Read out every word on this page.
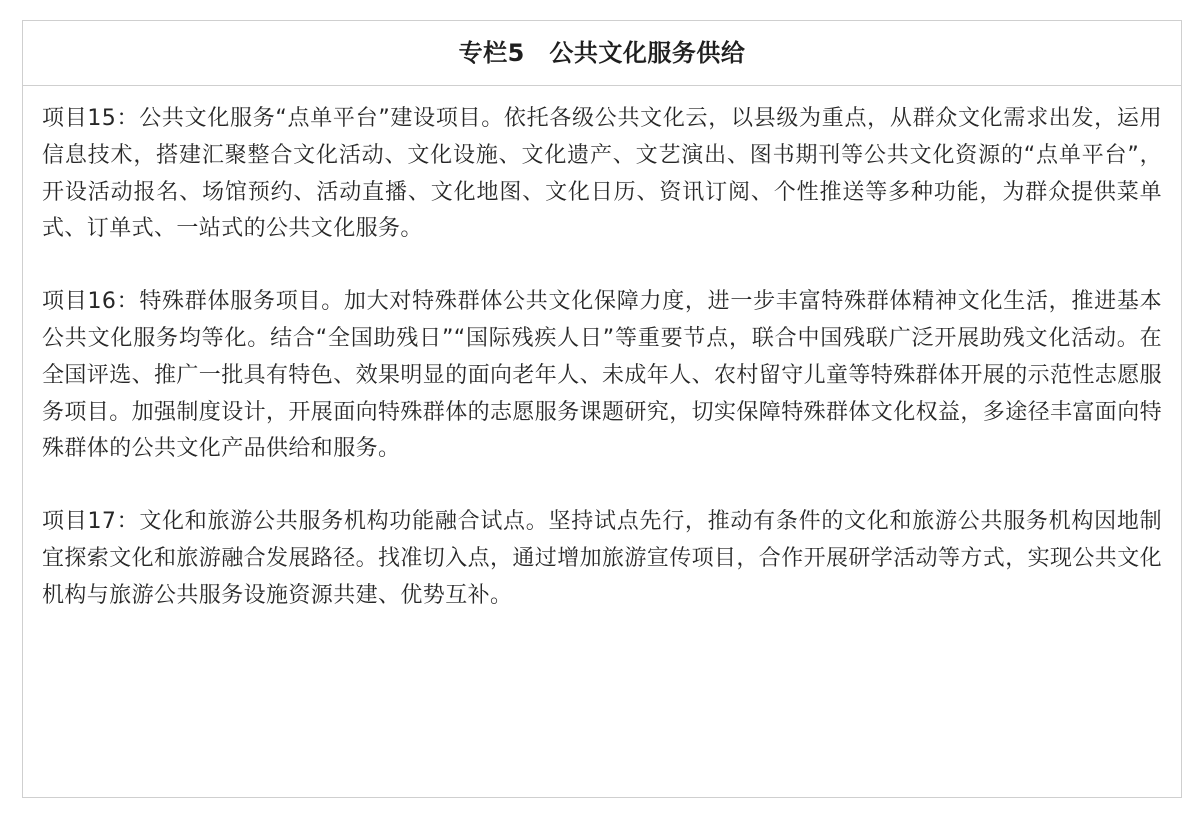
专栏5　公共文化服务供给

项目15：公共文化服务“点单平台”建设项目。依托各级公共文化云，以县级为重点，从群众文化需求出发，运用信息技术，搭建汇聚整合文化活动、文化设施、文化遗产、文艺演出、图书期刊等公共文化资源的“点单平台”，开设活动报名、场馆预约、活动直播、文化地图、文化日历、资讯订阅、个性推送等多种功能，为群众提供菜单式、订单式、一站式的公共文化服务。

项目16：特殊群体服务项目。加大对特殊群体公共文化保障力度，进一步丰富特殊群体精神文化生活，推进基本公共文化服务均等化。结合“全国助残日”“国际残疾人日”等重要节点，联合中国残联广泛开展助残文化活动。在全国评选、推广一批具有特色、效果明显的面向老年人、未成年人、农村留守儿童等特殊群体开展的示范性志愿服务项目。加强制度设计，开展面向特殊群体的志愿服务课题研究，切实保障特殊群体文化权益，多途径丰富面向特殊群体的公共文化产品供给和服务。

项目17：文化和旅游公共服务机构功能融合试点。坚持试点先行，推动有条件的文化和旅游公共服务机构因地制宜探索文化和旅游融合发展路径。找准切入点，通过增加旅游宣传项目，合作开展研学活动等方式，实现公共文化机构与旅游公共服务设施资源共建、优势互补。
